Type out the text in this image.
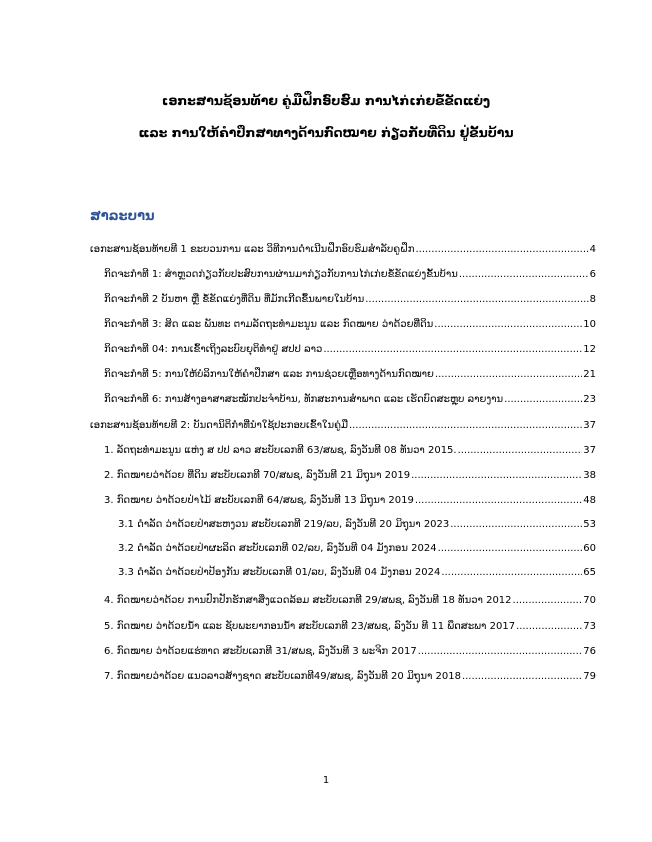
ເອກະສານຊ້ອນທ້າຍ ຄູ່ມືຝຶກອົບຮົມ ການໄກ່ເກ່ຍຂໍ້ຂັດແຍ່ງ
ແລະ ການໃຫ້ຄຳປຶກສາທາງດ້ານກົດໝາຍ ກ່ຽວກັບທີ່ດິນ ຢູ່ຂັ້ນບ້ານ
ສາລະບານ
ເອກະສານຊ້ອນທ້າຍທີ 1 ຂະບວນການ ແລະ ວິທີການດຳເນີນຝຶກອົບຮົມສຳລັບຄູຝຶກ . . .	4
ກິດຈະກຳທີ 1: ສຳຫຼວດກ່ຽວກັບປະສົບການຜ່ານມາກ່ຽວກັບການໄກ່ເກ່ຍຂໍ້ຂັດແຍ່ງຂັ້ນບ້ານ . . .	6
ກິດຈະກຳທີ 2 ບັນຫາ ຫຼື ຂໍ້ຂັດແຍ່ງທີ່ດິນ ທີ່ມັກເກີດຂຶ້ນພາຍໃນບ້ານ . . .	8
ກິດຈະກຳທີ 3: ສິດ ແລະ ພັນທະ ຕາມລັດຖະທຳມະນູນ ແລະ ກົດໝາຍ ວ່າດ້ວຍທີ່ດິນ . . .	10
ກິດຈະກຳທີ 04: ການເຂົ້າເຖິງລະບົບຍຸຕິທຳຢູ່ ສປປ ລາວ . . .	12
ກິດຈະກຳທີ 5: ການໃຫ້ບໍລິການໃຫ້ຄຳປຶກສາ ແລະ ການຊ່ວຍເຫຼືອທາງດ້ານກົດໝາຍ . . .	21
ກິດຈະກຳທີ 6: ການສ້າງອາສາສະໝັກປະຈຳບ້ານ, ທັກສະການສຳພາດ ແລະ ເຮັດບົດສະຫຼຸບ ລາຍງານ . . .	23
ເອກະສານຊ້ອນທ້າຍທີ 2: ບັນດານິຕິກຳທີ່ນຳໃຊ້ປະກອບເຂົ້າໃນຄູ່ມື . . .	37
1. ລັດຖະທຳມະນູນ ແຫ່ງ ສ ປປ ລາວ ສະບັບເລກທີ 63/ສພຊ, ລົງວັນທີ 08 ທັນວາ 2015. . . .	37
2. ກົດໝາຍວ່າດ້ວຍ ທີ່ດິນ ສະບັບເລກທີ 70/ສພຊ, ລົງວັນທີ 21 ມິຖຸນາ 2019 . . .	38
3. ກົດໝາຍ ວ່າດ້ວຍປ່າໄມ້ ສະບັບເລກທີ 64/ສພຊ, ລົງວັນທີ 13 ມິຖຸນາ 2019 . . .	48
3.1 ດຳລັດ ວ່າດ້ວຍປ່າສະຫງວນ ສະບັບເລກທີ 219/ລບ, ລົງວັນທີ 20 ມິຖຸນາ 2023 . . .	53
3.2 ດຳລັດ ວ່າດ້ວຍປ່າຜະລິດ ສະບັບເລກທີ 02/ລບ, ລົງວັນທີ 04 ມັງກອນ 2024 . . .	60
3.3 ດຳລັດ ວ່າດ້ວຍປ່າປ້ອງກັນ ສະບັບເລກທີ 01/ລບ, ລົງວັນທີ 04 ມັງກອນ 2024 . . .	65
4. ກົດໝາຍວ່າດ້ວຍ ການປົກປັກຮັກສາສິ່ງແວດລ້ອມ ສະບັບເລກທີ 29/ສພຊ, ລົງວັນທີ 18 ທັນວາ 2012 . . .	70
5. ກົດໝາຍ ວ່າດ້ວຍນໍ້າ ແລະ ຊັບພະຍາກອນນໍ້າ ສະບັບເລກທີ 23/ສພຊ, ລົງວັນ ທີ 11 ພຶດສະພາ 2017 . . .	73
6. ກົດໝາຍ ວ່າດ້ວຍແຮ່ທາດ ສະບັບເລກທີ 31/ສພຊ, ລົງວັນທີ 3 ພະຈິກ 2017 . . .	76
7. ກົດໝາຍວ່າດ້ວຍ ແນວລາວສ້າງຊາດ ສະບັບເລກທີ49/ສພຊ, ລົງວັນທີ 20 ມິຖຸນາ 2018 . . .	79
1
